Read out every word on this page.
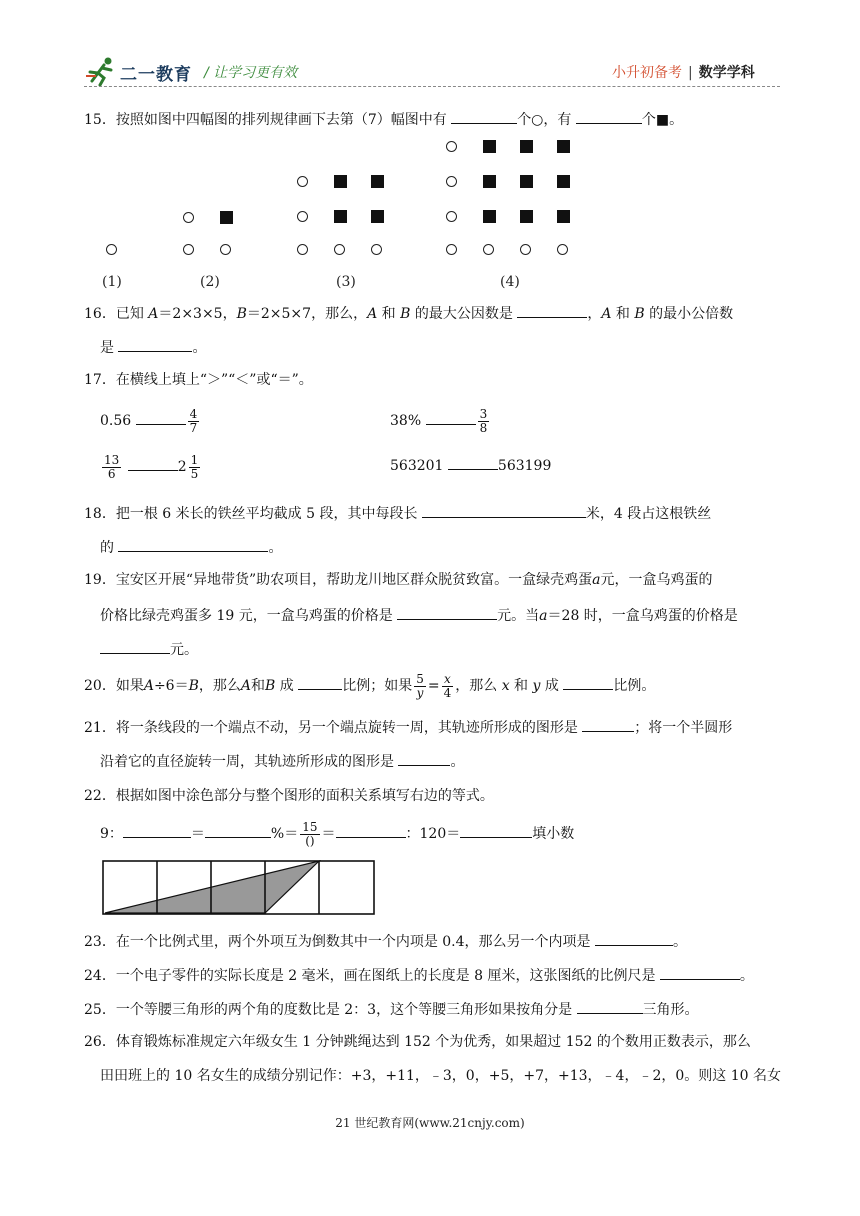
二一教育 / 让学习更有效	小升初备考 | 数学学科
15．按照如图中四幅图的排列规律画下去第（7）幅图中有	个○，有	个■。
(1)	(2)	(3)	(4)
16．已知 A＝2×3×5，B＝2×5×7，那么，A 和 B 的最大公因数是	，A 和 B 的最小公倍数
是	。
17．在横线上填上“＞”“＜”或“＝”。
0.56	$\frac{4}{7}$	38%	$\frac{3}{8}$
$\frac{13}{6}$	$2 \frac{1}{5}$	563201	563199
18．把一根 6 米长的铁丝平均截成 5 段，其中每段长	米，4 段占这根铁丝
的	。
19．宝安区开展“异地带货”助农项目，帮助龙川地区群众脱贫致富。一盒绿壳鸡蛋a元，一盒乌鸡蛋的
价格比绿壳鸡蛋多 19 元，一盒乌鸡蛋的价格是	元。当a＝28 时，一盒乌鸡蛋的价格是
元。
20．如果A÷6＝B，那么A和B 成	比例；如果 $\frac{5}{y} = \frac{x}{4}$ ，那么 x 和 y 成	比例。
21．将一条线段的一个端点不动，另一个端点旋转一周，其轨迹所形成的图形是	；将一个半圆形
沿着它的直径旋转一周，其轨迹所形成的图形是	。
22．根据如图中涂色部分与整个图形的面积关系填写右边的等式。
9：	＝	%＝ $\frac{15}{()}$ ＝	：120＝	填小数
23．在一个比例式里，两个外项互为倒数其中一个内项是 0.4，那么另一个内项是	。
24．一个电子零件的实际长度是 2 毫米，画在图纸上的长度是 8 厘米，这张图纸的比例尺是	。
25．一个等腰三角形的两个角的度数比是 2：3，这个等腰三角形如果按角分是	三角形。
26．体育锻炼标准规定六年级女生 1 分钟跳绳达到 152 个为优秀，如果超过 152 的个数用正数表示，那么
田田班上的 10 名女生的成绩分别记作：+3，+11，﹣3，0，+5，+7，+13，﹣4，﹣2，0。则这 10 名女
21 世纪教育网(www.21cnjy.com)
